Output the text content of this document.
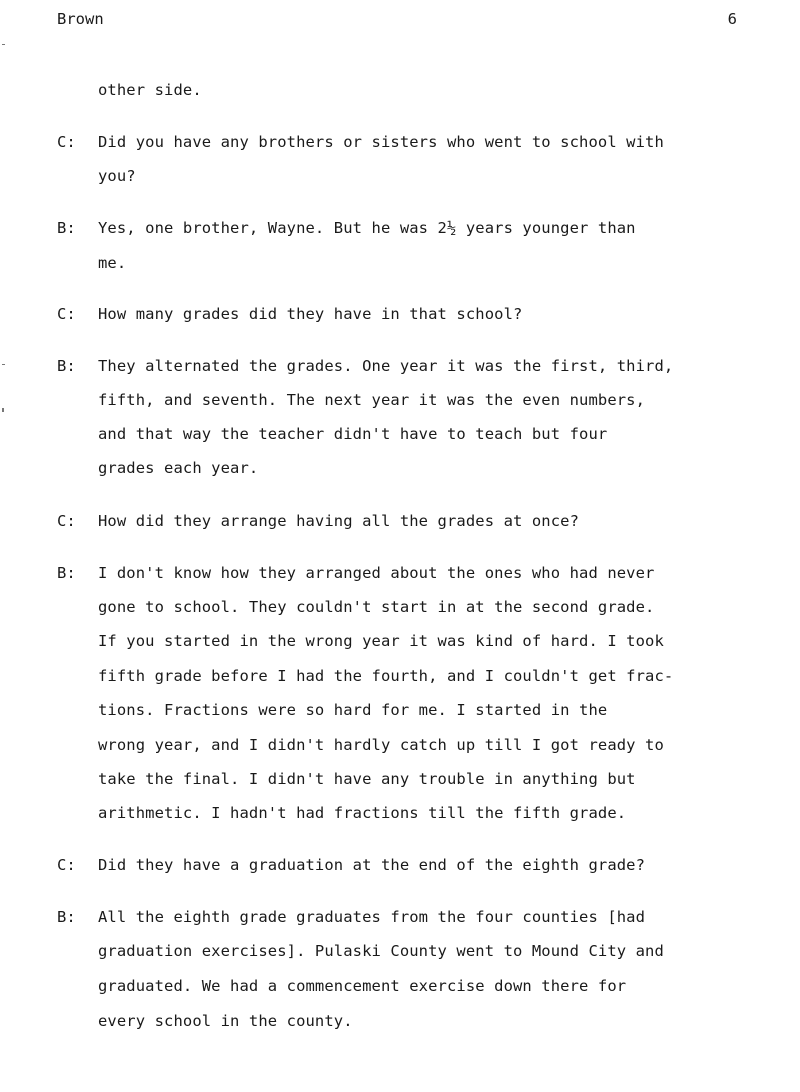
Brown	6
other side.
C: Did you have any brothers or sisters who went to school with
you?
B: Yes, one brother, Wayne. But he was 2½ years younger than
me.
C: How many grades did they have in that school?
B: They alternated the grades. One year it was the first, third,
fifth, and seventh. The next year it was the even numbers,
and that way the teacher didn't have to teach but four
grades each year.
C: How did they arrange having all the grades at once?
B: I don't know how they arranged about the ones who had never
gone to school. They couldn't start in at the second grade.
If you started in the wrong year it was kind of hard. I took
fifth grade before I had the fourth, and I couldn't get frac-
tions. Fractions were so hard for me. I started in the
wrong year, and I didn't hardly catch up till I got ready to
take the final. I didn't have any trouble in anything but
arithmetic. I hadn't had fractions till the fifth grade.
C: Did they have a graduation at the end of the eighth grade?
B: All the eighth grade graduates from the four counties [had
graduation exercises]. Pulaski County went to Mound City and
graduated. We had a commencement exercise down there for
every school in the county.
